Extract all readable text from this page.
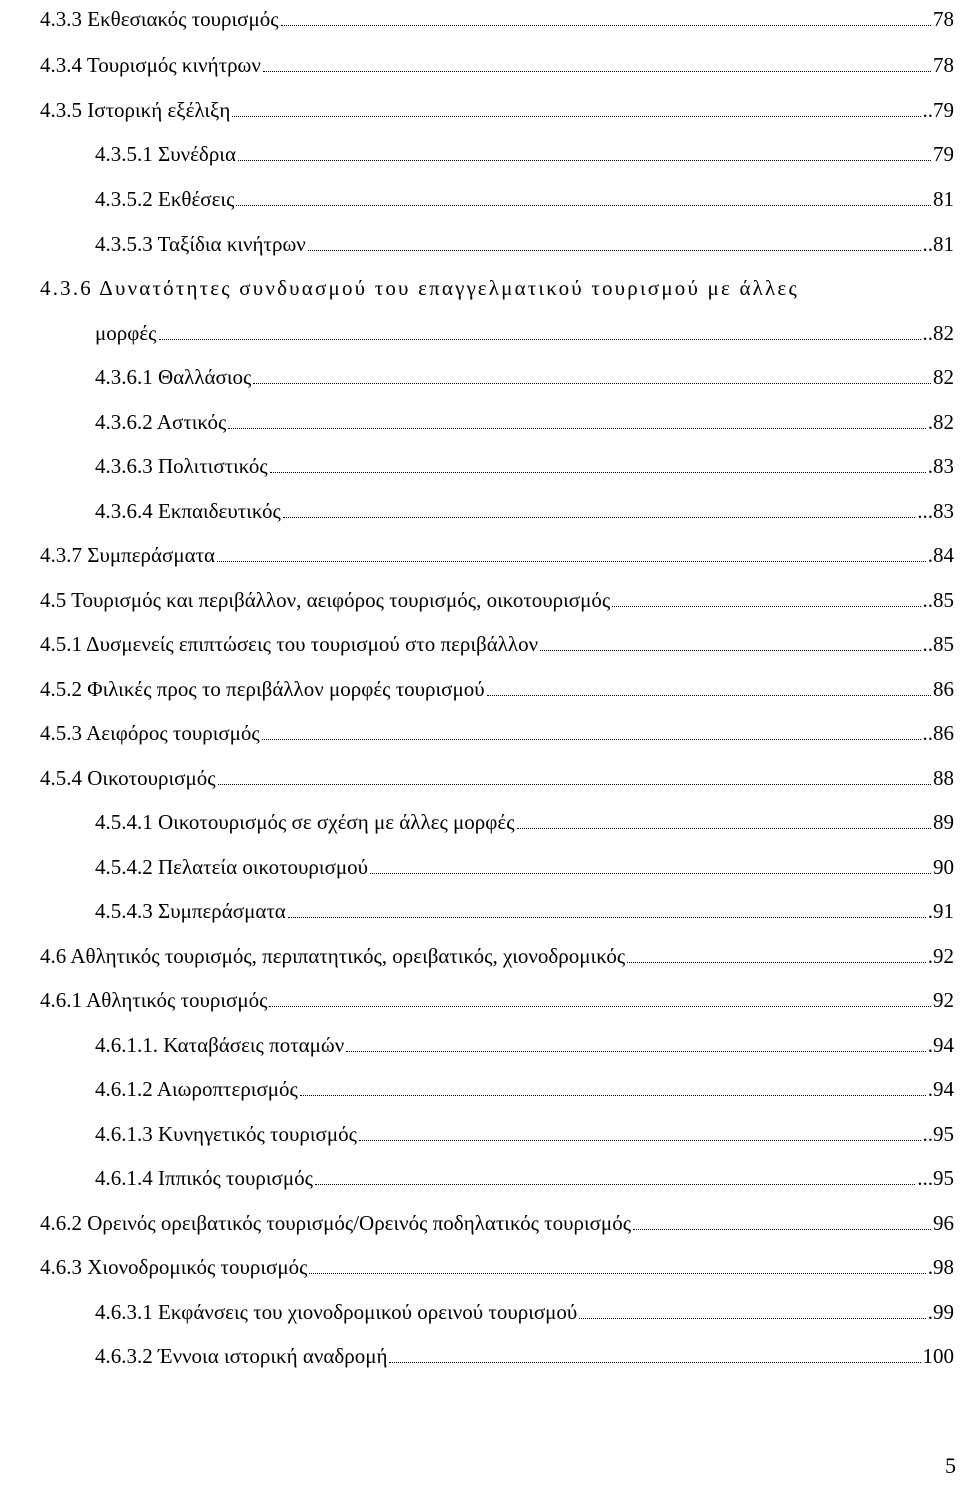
4.3.3 Εκθεσιακός τουρισμός	78
4.3.4 Τουρισμός κινήτρων	78
4.3.5 Ιστορική εξέλιξη	..79
4.3.5.1 Συνέδρια	79
4.3.5.2 Εκθέσεις	81
4.3.5.3 Ταξίδια κινήτρων	..81
4.3.6 Δυνατότητες συνδυασμού του επαγγελματικού τουρισμού με άλλες
μορφές	..82
4.3.6.1 Θαλλάσιος	82
4.3.6.2 Αστικός	.82
4.3.6.3 Πολιτιστικός	.83
4.3.6.4 Εκπαιδευτικός	...83
4.3.7 Συμπεράσματα	.84
4.5 Τουρισμός και περιβάλλον, αειφόρος τουρισμός, οικοτουρισμός	..85
4.5.1 Δυσμενείς επιπτώσεις του τουρισμού στο περιβάλλον	..85
4.5.2 Φιλικές προς το περιβάλλον μορφές τουρισμού	86
4.5.3 Αειφόρος τουρισμός	..86
4.5.4 Οικοτουρισμός	88
4.5.4.1 Οικοτουρισμός σε σχέση με άλλες μορφές	89
4.5.4.2 Πελατεία οικοτουρισμού	90
4.5.4.3 Συμπεράσματα	.91
4.6 Αθλητικός τουρισμός, περιπατητικός, ορειβατικός, χιονοδρομικός	.92
4.6.1 Αθλητικός τουρισμός	92
4.6.1.1. Καταβάσεις ποταμών	.94
4.6.1.2 Αιωροπτερισμός	.94
4.6.1.3 Κυνηγετικός τουρισμός	..95
4.6.1.4 Ιππικός τουρισμός	...95
4.6.2 Ορεινός ορειβατικός τουρισμός/Ορεινός ποδηλατικός τουρισμός	96
4.6.3 Χιονοδρομικός τουρισμός	.98
4.6.3.1 Εκφάνσεις του χιονοδρομικού ορεινού τουρισμού	.99
4.6.3.2 Έννοια ιστορική αναδρομή	100
5
